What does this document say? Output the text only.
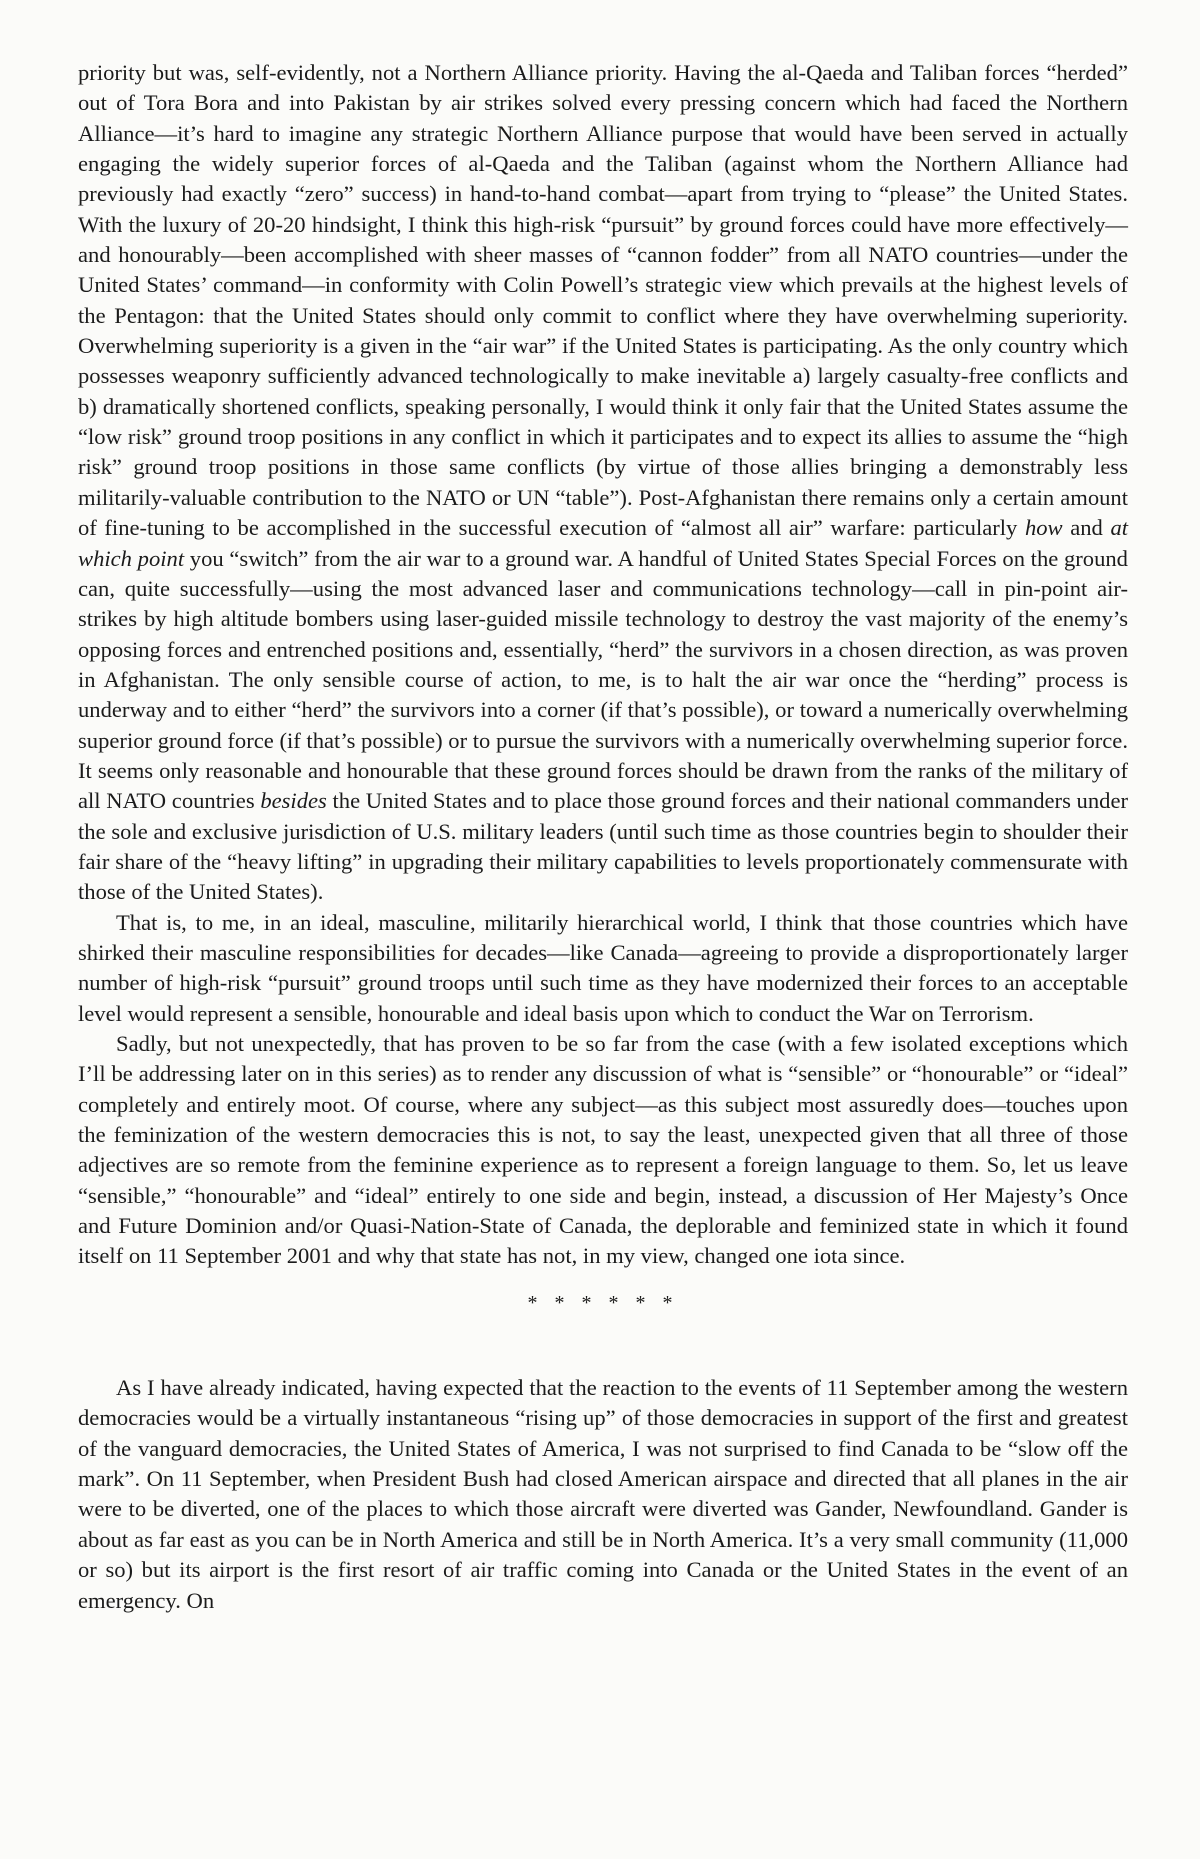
priority but was, self-evidently, not a Northern Alliance priority. Having the al-Qaeda and Taliban forces “herded” out of Tora Bora and into Pakistan by air strikes solved every pressing concern which had faced the Northern Alliance—it’s hard to imagine any strategic Northern Alliance purpose that would have been served in actually engaging the widely superior forces of al-Qaeda and the Taliban (against whom the Northern Alliance had previously had exactly “zero” success) in hand-to-hand combat—apart from trying to “please” the United States. With the luxury of 20-20 hindsight, I think this high-risk “pursuit” by ground forces could have more effectively—and honourably—been accomplished with sheer masses of “cannon fodder” from all NATO countries—under the United States’ command—in conformity with Colin Powell’s strategic view which prevails at the highest levels of the Pentagon: that the United States should only commit to conflict where they have overwhelming superiority. Overwhelming superiority is a given in the “air war” if the United States is participating. As the only country which possesses weaponry sufficiently advanced technologically to make inevitable a) largely casualty-free conflicts and b) dramatically shortened conflicts, speaking personally, I would think it only fair that the United States assume the “low risk” ground troop positions in any conflict in which it participates and to expect its allies to assume the “high risk” ground troop positions in those same conflicts (by virtue of those allies bringing a demonstrably less militarily-valuable contribution to the NATO or UN “table”). Post-Afghanistan there remains only a certain amount of fine-tuning to be accomplished in the successful execution of “almost all air” warfare: particularly how and at which point you “switch” from the air war to a ground war. A handful of United States Special Forces on the ground can, quite successfully—using the most advanced laser and communications technology—call in pin-point air-strikes by high altitude bombers using laser-guided missile technology to destroy the vast majority of the enemy’s opposing forces and entrenched positions and, essentially, “herd” the survivors in a chosen direction, as was proven in Afghanistan. The only sensible course of action, to me, is to halt the air war once the “herding” process is underway and to either “herd” the survivors into a corner (if that’s possible), or toward a numerically overwhelming superior ground force (if that’s possible) or to pursue the survivors with a numerically overwhelming superior force. It seems only reasonable and honourable that these ground forces should be drawn from the ranks of the military of all NATO countries besides the United States and to place those ground forces and their national commanders under the sole and exclusive jurisdiction of U.S. military leaders (until such time as those countries begin to shoulder their fair share of the “heavy lifting” in upgrading their military capabilities to levels proportionately commensurate with those of the United States).

That is, to me, in an ideal, masculine, militarily hierarchical world, I think that those countries which have shirked their masculine responsibilities for decades—like Canada—agreeing to provide a disproportionately larger number of high-risk “pursuit” ground troops until such time as they have modernized their forces to an acceptable level would represent a sensible, honourable and ideal basis upon which to conduct the War on Terrorism.

Sadly, but not unexpectedly, that has proven to be so far from the case (with a few isolated exceptions which I’ll be addressing later on in this series) as to render any discussion of what is “sensible” or “honourable” or “ideal” completely and entirely moot. Of course, where any subject—as this subject most assuredly does—touches upon the feminization of the western democracies this is not, to say the least, unexpected given that all three of those adjectives are so remote from the feminine experience as to represent a foreign language to them. So, let us leave “sensible,” “honourable” and “ideal” entirely to one side and begin, instead, a discussion of Her Majesty’s Once and Future Dominion and/or Quasi-Nation-State of Canada, the deplorable and feminized state in which it found itself on 11 September 2001 and why that state has not, in my view, changed one iota since.

* * * * * *

As I have already indicated, having expected that the reaction to the events of 11 September among the western democracies would be a virtually instantaneous “rising up” of those democracies in support of the first and greatest of the vanguard democracies, the United States of America, I was not surprised to find Canada to be “slow off the mark”. On 11 September, when President Bush had closed American airspace and directed that all planes in the air were to be diverted, one of the places to which those aircraft were diverted was Gander, Newfoundland. Gander is about as far east as you can be in North America and still be in North America. It’s a very small community (11,000 or so) but its airport is the first resort of air traffic coming into Canada or the United States in the event of an emergency. On
